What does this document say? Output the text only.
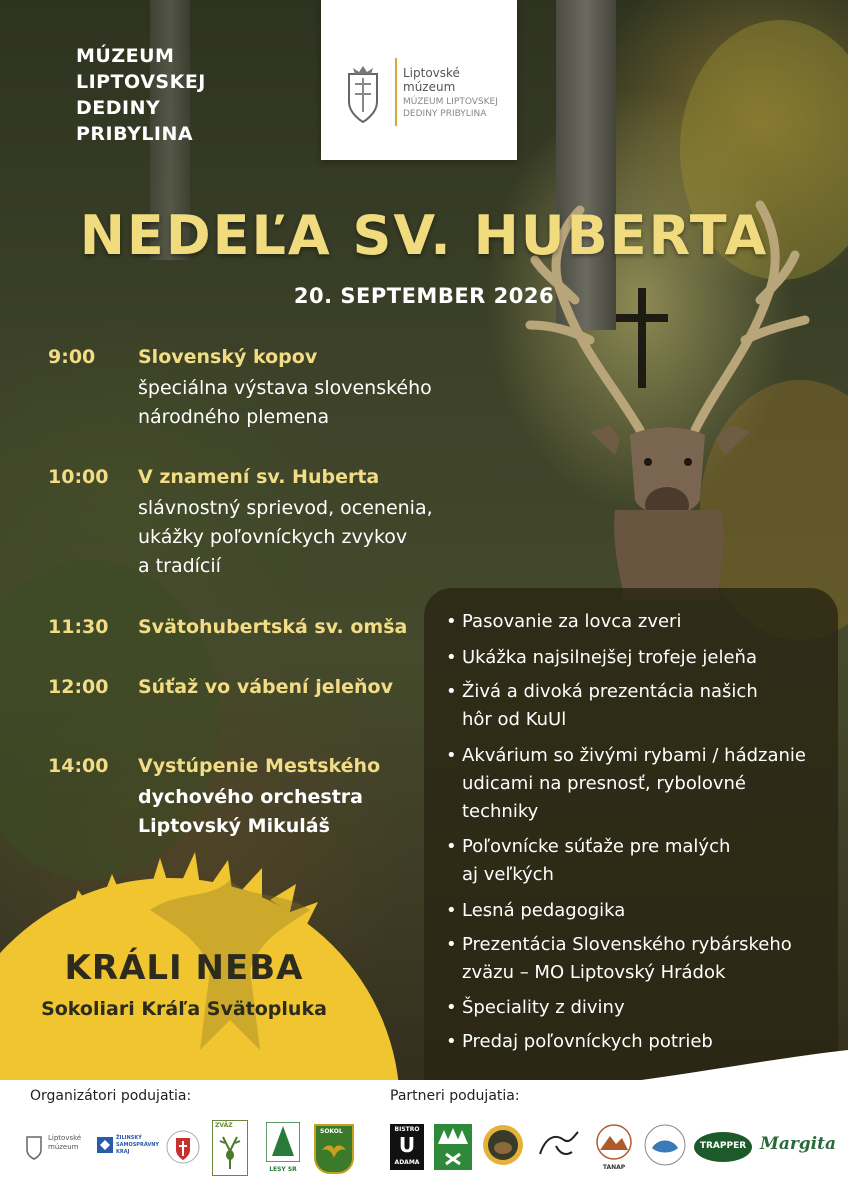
MÚZEUM
LIPTOVSKEJ
DEDINY
PRIBYLINA
Liptovské
múzeum
MÚZEUM LIPTOVSKEJ
DEDINY PRIBYLINA
NEDEĽA SV. HUBERTA
20. SEPTEMBER 2026
9:00 Slovenský kopov
špeciálna výstava slovenského
národného plemena
10:00 V znamení sv. Huberta
slávnostný sprievod, ocenenia,
ukážky poľovníckych zvykov
a tradícií
11:30 Svätohubertská sv. omša
12:00 Súťaž vo vábení jeleňov
14:00 Vystúpenie Mestského
dychového orchestra
Liptovský Mikuláš
• Pasovanie za lovca zveri
• Ukážka najsilnejšej trofeje jeleňa
• Živá a divoká prezentácia našich
hôr od KuUl
• Akvárium so živými rybami / hádzanie
udicami na presnosť, rybolovné
techniky
• Poľovnícke súťaže pre malých
aj veľkých
• Lesná pedagogika
• Prezentácia Slovenského rybárskeho
zväzu – MO Liptovský Hrádok
• Špeciality z diviny
• Predaj poľovníckych potrieb
KRÁLI NEBA
Sokoliari Kráľa Svätopluka
Organizátori podujatia:	Partneri podujatia:
Liptovské
múzeum
ŽILINSKÝ SAMOSPRÁVNY KRAJ
ZVÄZ
LESY SR
SOKOL	BISTRO
U
ADAMA
TANAP
TRAPPER Margita
